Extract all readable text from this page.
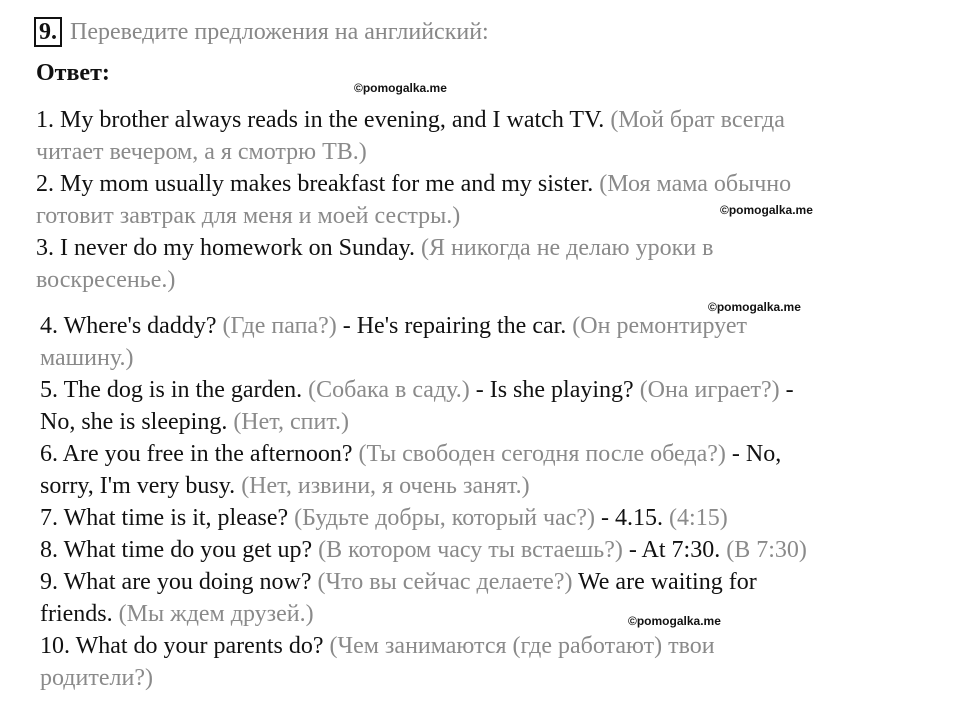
9. Переведите предложения на английский:
Ответ:
©pomogalka.me
©pomogalka.me
©pomogalka.me
©pomogalka.me
1. My brother always reads in the evening, and I watch TV. (Мой брат всегда
читает вечером, а я смотрю ТВ.)
2. My mom usually makes breakfast for me and my sister. (Моя мама обычно
готовит завтрак для меня и моей сестры.)
3. I never do my homework on Sunday. (Я никогда не делаю уроки в
воскресенье.)
4. Where's daddy? (Где папа?) - He's repairing the car. (Он ремонтирует
машину.)
5. The dog is in the garden. (Собака в саду.) - Is she playing? (Она играет?) -
No, she is sleeping. (Нет, спит.)
6. Are you free in the afternoon? (Ты свободен сегодня после обеда?) - No,
sorry, I'm very busy. (Нет, извини, я очень занят.)
7. What time is it, please? (Будьте добры, который час?) - 4.15. (4:15)
8. What time do you get up? (В котором часу ты встаешь?) - At 7:30. (В 7:30)
9. What are you doing now? (Что вы сейчас делаете?) We are waiting for
friends. (Мы ждем друзей.)
10. What do your parents do? (Чем занимаются (где работают) твои
родители?)
